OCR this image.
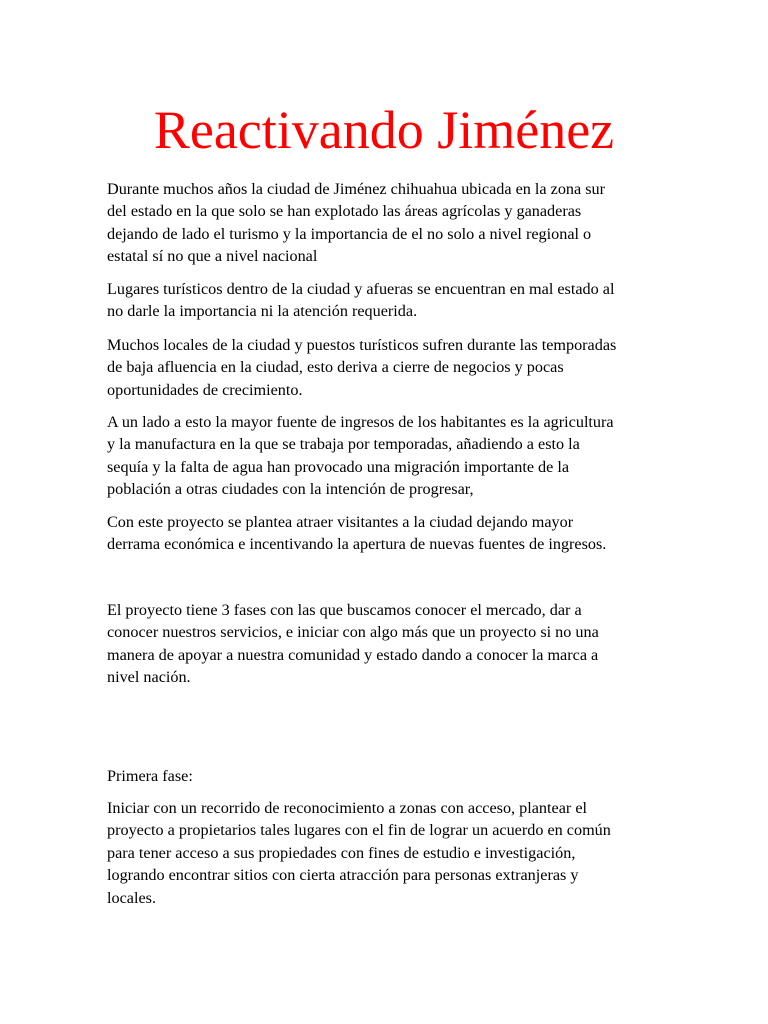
Reactivando Jiménez

Durante muchos años la ciudad de Jiménez chihuahua ubicada en la zona sur
del estado en la que solo se han explotado las áreas agrícolas y ganaderas
dejando de lado el turismo y la importancia de el no solo a nivel regional o
estatal sí no que a nivel nacional

Lugares turísticos dentro de la ciudad y afueras se encuentran en mal estado al
no darle la importancia ni la atención requerida.

Muchos locales de la ciudad y puestos turísticos sufren durante las temporadas
de baja afluencia en la ciudad, esto deriva a cierre de negocios y pocas
oportunidades de crecimiento.

A un lado a esto la mayor fuente de ingresos de los habitantes es la agricultura
y la manufactura en la que se trabaja por temporadas, añadiendo a esto la
sequía y la falta de agua han provocado una migración importante de la
población a otras ciudades con la intención de progresar,

Con este proyecto se plantea atraer visitantes a la ciudad dejando mayor
derrama económica e incentivando la apertura de nuevas fuentes de ingresos.

El proyecto tiene 3 fases con las que buscamos conocer el mercado, dar a
conocer nuestros servicios, e iniciar con algo más que un proyecto si no una
manera de apoyar a nuestra comunidad y estado dando a conocer la marca a
nivel nación.

Primera fase:

Iniciar con un recorrido de reconocimiento a zonas con acceso, plantear el
proyecto a propietarios tales lugares con el fin de lograr un acuerdo en común
para tener acceso a sus propiedades con fines de estudio e investigación,
logrando encontrar sitios con cierta atracción para personas extranjeras y
locales.
